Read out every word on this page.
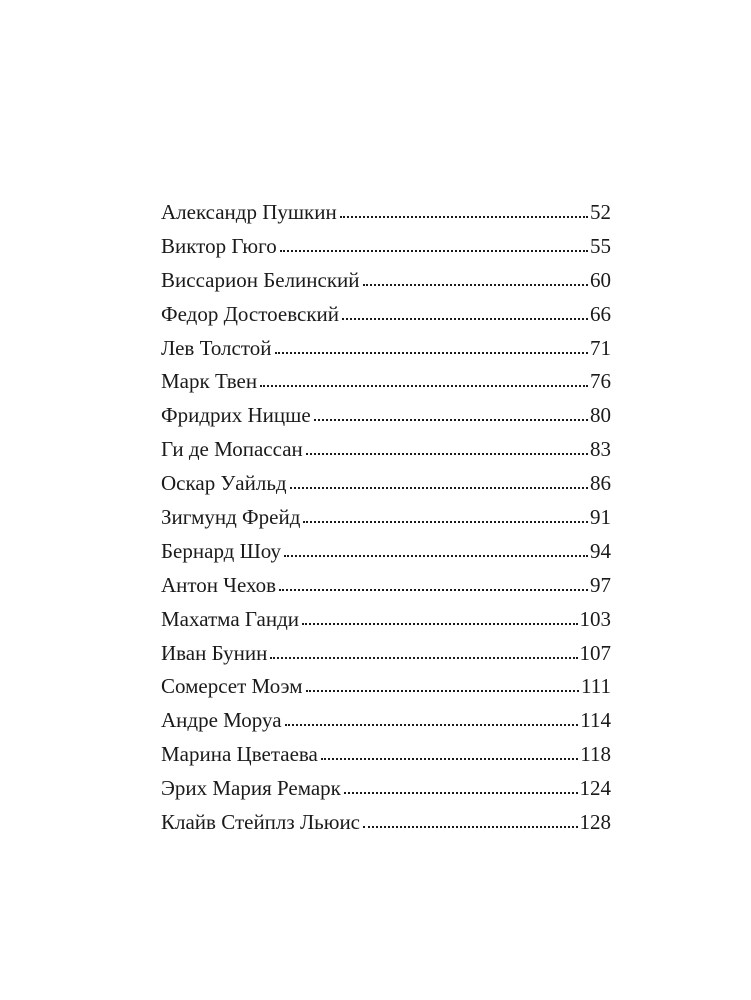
Александр Пушкин	52
Виктор Гюго	55
Виссарион Белинский	60
Федор Достоевский	66
Лев Толстой	71
Марк Твен	76
Фридрих Ницше	80
Ги де Мопассан	83
Оскар Уайльд	86
Зигмунд Фрейд	91
Бернард Шоу	94
Антон Чехов	97
Махатма Ганди	103
Иван Бунин	107
Сомерсет Моэм	111
Андре Моруа	114
Марина Цветаева	118
Эрих Мария Ремарк	124
Клайв Стейплз Льюис	128
